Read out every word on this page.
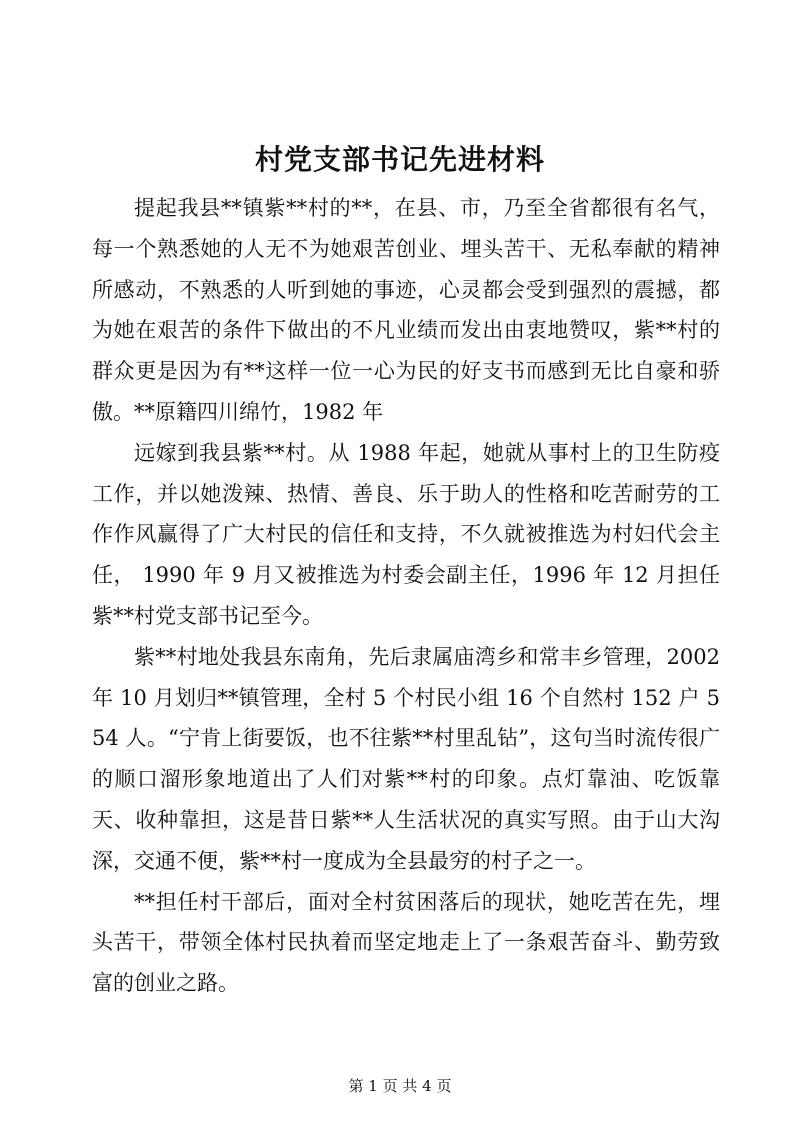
村党支部书记先进材料

提起我县**镇紫**村的**，在县、市，乃至全省都很有名气，每一个熟悉她的人无不为她艰苦创业、埋头苦干、无私奉献的精神所感动，不熟悉的人听到她的事迹，心灵都会受到强烈的震撼，都为她在艰苦的条件下做出的不凡业绩而发出由衷地赞叹，紫**村的群众更是因为有**这样一位一心为民的好支书而感到无比自豪和骄傲。**原籍四川绵竹，1982 年

远嫁到我县紫**村。从 1988 年起，她就从事村上的卫生防疫工作，并以她泼辣、热情、善良、乐于助人的性格和吃苦耐劳的工作作风赢得了广大村民的信任和支持，不久就被推选为村妇代会主任， 1990 年 9 月又被推选为村委会副主任，1996 年 12 月担任紫**村党支部书记至今。

紫**村地处我县东南角，先后隶属庙湾乡和常丰乡管理，2002 年 10 月划归**镇管理，全村 5 个村民小组 16 个自然村 152 户 554 人。“宁肯上街要饭，也不往紫**村里乱钻”，这句当时流传很广的顺口溜形象地道出了人们对紫**村的印象。点灯靠油、吃饭靠天、收种靠担，这是昔日紫**人生活状况的真实写照。由于山大沟深，交通不便，紫**村一度成为全县最穷的村子之一。

**担任村干部后，面对全村贫困落后的现状，她吃苦在先，埋头苦干，带领全体村民执着而坚定地走上了一条艰苦奋斗、勤劳致富的创业之路。

第 1 页 共 4 页
